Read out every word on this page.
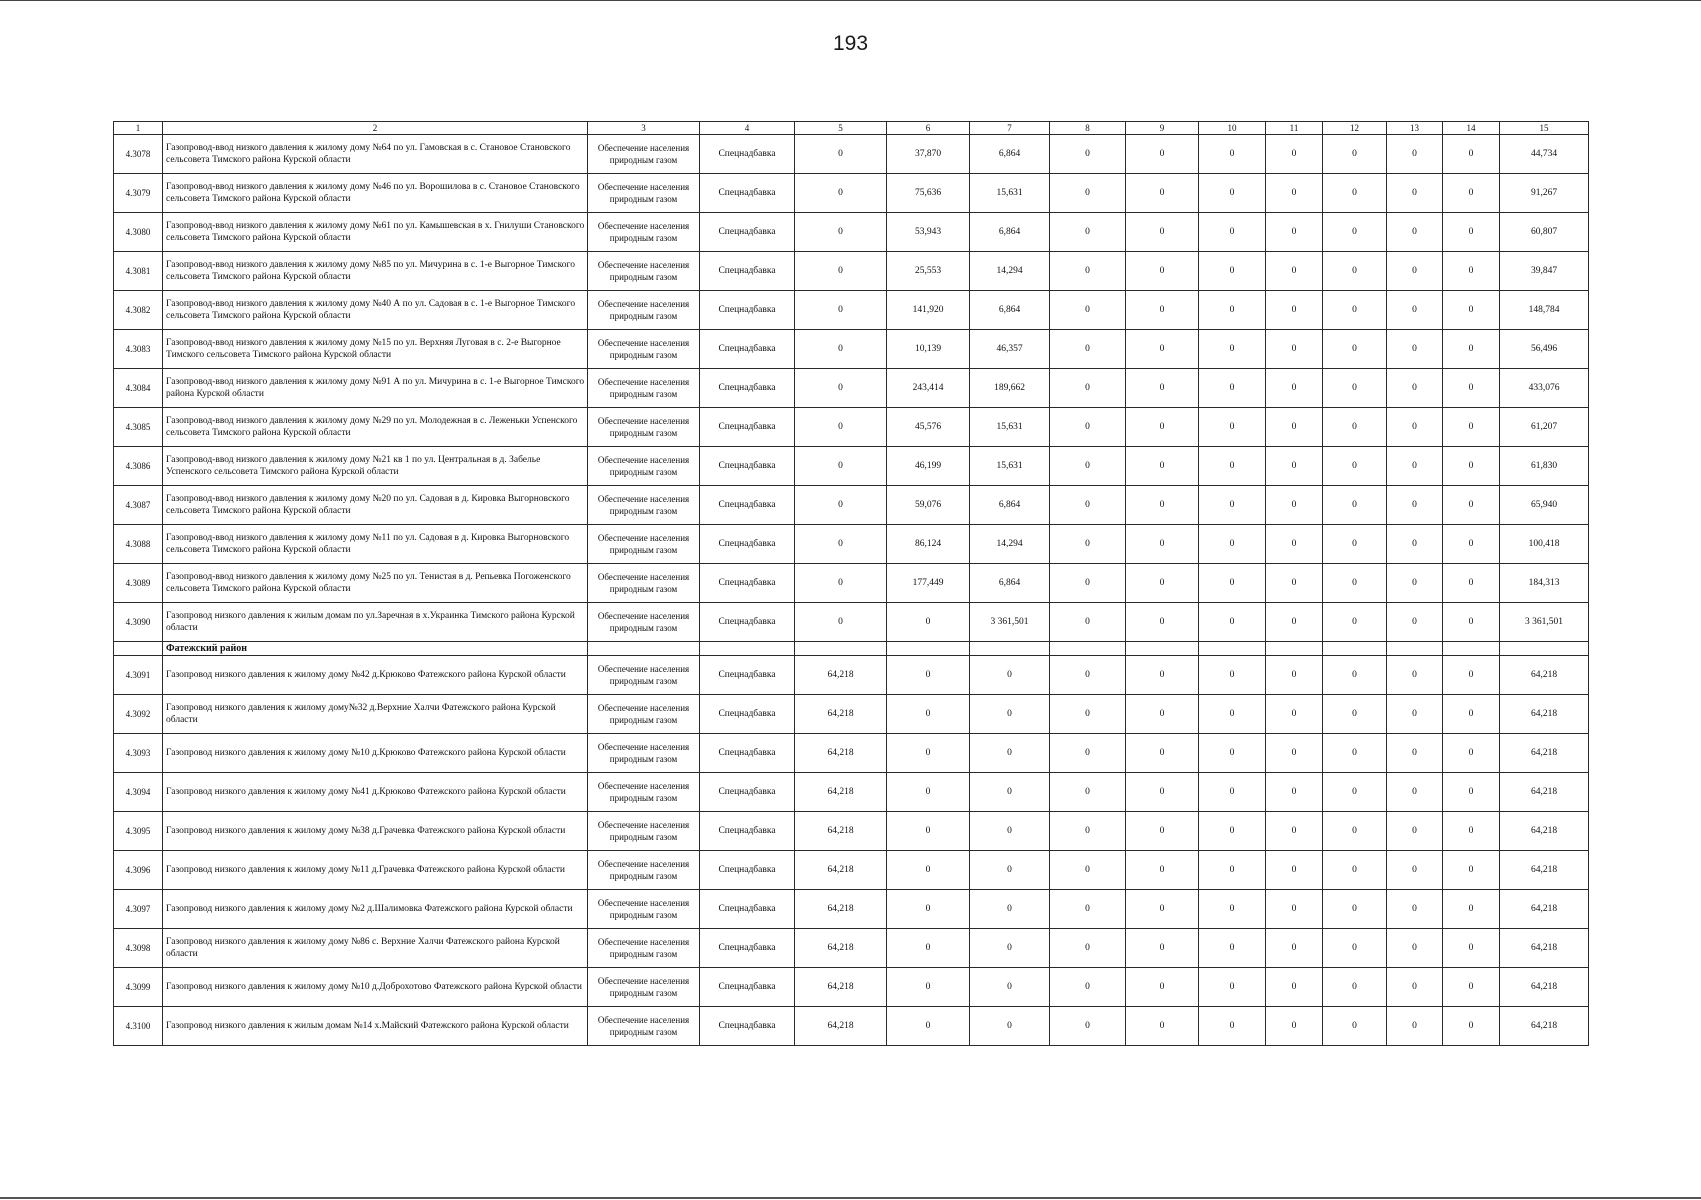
193
1	2	3	4	5	6	7	8	9	10	11	12	13	14	15
4.3078	Газопровод-ввод низкого давления к жилому дому №64 по ул. Гамовская в с. Становое Становского сельсовета Тимского района Курской области	Обеспечение населения природным газом	Спецнадбавка	0	37,870	6,864	0	0	0	0	0	0	0	44,734
4.3079	Газопровод-ввод низкого давления к жилому дому №46 по ул. Ворошилова в с. Становое Становского сельсовета Тимского района Курской области	Обеспечение населения природным газом	Спецнадбавка	0	75,636	15,631	0	0	0	0	0	0	0	91,267
4.3080	Газопровод-ввод низкого давления к жилому дому №61 по ул. Камышевская в х. Гнилуши Становского сельсовета Тимского района Курской области	Обеспечение населения природным газом	Спецнадбавка	0	53,943	6,864	0	0	0	0	0	0	0	60,807
4.3081	Газопровод-ввод низкого давления к жилому дому №85 по ул. Мичурина в с. 1-е Выгорное Тимского сельсовета Тимского района Курской области	Обеспечение населения природным газом	Спецнадбавка	0	25,553	14,294	0	0	0	0	0	0	0	39,847
4.3082	Газопровод-ввод низкого давления к жилому дому №40 А по ул. Садовая в с. 1-е Выгорное Тимского сельсовета Тимского района Курской области	Обеспечение населения природным газом	Спецнадбавка	0	141,920	6,864	0	0	0	0	0	0	0	148,784
4.3083	Газопровод-ввод низкого давления к жилому дому №15 по ул. Верхняя Луговая в с. 2-е Выгорное Тимского сельсовета Тимского района Курской области	Обеспечение населения природным газом	Спецнадбавка	0	10,139	46,357	0	0	0	0	0	0	0	56,496
4.3084	Газопровод-ввод низкого давления к жилому дому №91 А по ул. Мичурина в с. 1-е Выгорное Тимского района Курской области	Обеспечение населения природным газом	Спецнадбавка	0	243,414	189,662	0	0	0	0	0	0	0	433,076
4.3085	Газопровод-ввод низкого давления к жилому дому №29 по ул. Молодежная в с. Леженьки Успенского сельсовета Тимского района Курской области	Обеспечение населения природным газом	Спецнадбавка	0	45,576	15,631	0	0	0	0	0	0	0	61,207
4.3086	Газопровод-ввод низкого давления к жилому дому №21 кв 1 по ул. Центральная в д. Забелье Успенского сельсовета Тимского района Курской области	Обеспечение населения природным газом	Спецнадбавка	0	46,199	15,631	0	0	0	0	0	0	0	61,830
4.3087	Газопровод-ввод низкого давления к жилому дому №20 по ул. Садовая в д. Кировка Выгорновского сельсовета Тимского района Курской области	Обеспечение населения природным газом	Спецнадбавка	0	59,076	6,864	0	0	0	0	0	0	0	65,940
4.3088	Газопровод-ввод низкого давления к жилому дому №11 по ул. Садовая в д. Кировка Выгорновского сельсовета Тимского района Курской области	Обеспечение населения природным газом	Спецнадбавка	0	86,124	14,294	0	0	0	0	0	0	0	100,418
4.3089	Газопровод-ввод низкого давления к жилому дому №25 по ул. Тенистая в д. Репьевка Погоженского сельсовета Тимского района Курской области	Обеспечение населения природным газом	Спецнадбавка	0	177,449	6,864	0	0	0	0	0	0	0	184,313
4.3090	Газопровод низкого давления к жилым домам по ул.Заречная в х.Украинка Тимского района Курской области	Обеспечение населения природным газом	Спецнадбавка	0	0	3 361,501	0	0	0	0	0	0	0	3 361,501
	Фатежский район													
4.3091	Газопровод низкого давления к жилому дому №42 д.Крюково Фатежского района Курской области	Обеспечение населения природным газом	Спецнадбавка	64,218	0	0	0	0	0	0	0	0	0	64,218
4.3092	Газопровод низкого давления к жилому дому№32 д.Верхние Халчи Фатежского района Курской области	Обеспечение населения природным газом	Спецнадбавка	64,218	0	0	0	0	0	0	0	0	0	64,218
4.3093	Газопровод низкого давления к жилому дому №10 д.Крюково Фатежского района Курской области	Обеспечение населения природным газом	Спецнадбавка	64,218	0	0	0	0	0	0	0	0	0	64,218
4.3094	Газопровод низкого давления к жилому дому №41 д.Крюково Фатежского района Курской области	Обеспечение населения природным газом	Спецнадбавка	64,218	0	0	0	0	0	0	0	0	0	64,218
4.3095	Газопровод низкого давления к жилому дому №38 д.Грачевка Фатежского района Курской области	Обеспечение населения природным газом	Спецнадбавка	64,218	0	0	0	0	0	0	0	0	0	64,218
4.3096	Газопровод низкого давления к жилому дому №11 д.Грачевка Фатежского района Курской области	Обеспечение населения природным газом	Спецнадбавка	64,218	0	0	0	0	0	0	0	0	0	64,218
4.3097	Газопровод низкого давления к жилому дому №2 д.Шалимовка Фатежского района Курской области	Обеспечение населения природным газом	Спецнадбавка	64,218	0	0	0	0	0	0	0	0	0	64,218
4.3098	Газопровод низкого давления к жилому дому №86 с. Верхние Халчи Фатежского района Курской области	Обеспечение населения природным газом	Спецнадбавка	64,218	0	0	0	0	0	0	0	0	0	64,218
4.3099	Газопровод низкого давления к жилому дому №10 д.Доброхотово Фатежского района Курской области	Обеспечение населения природным газом	Спецнадбавка	64,218	0	0	0	0	0	0	0	0	0	64,218
4.3100	Газопровод низкого давления к жилым домам №14 х.Майский Фатежского района Курской области	Обеспечение населения природным газом	Спецнадбавка	64,218	0	0	0	0	0	0	0	0	0	64,218
